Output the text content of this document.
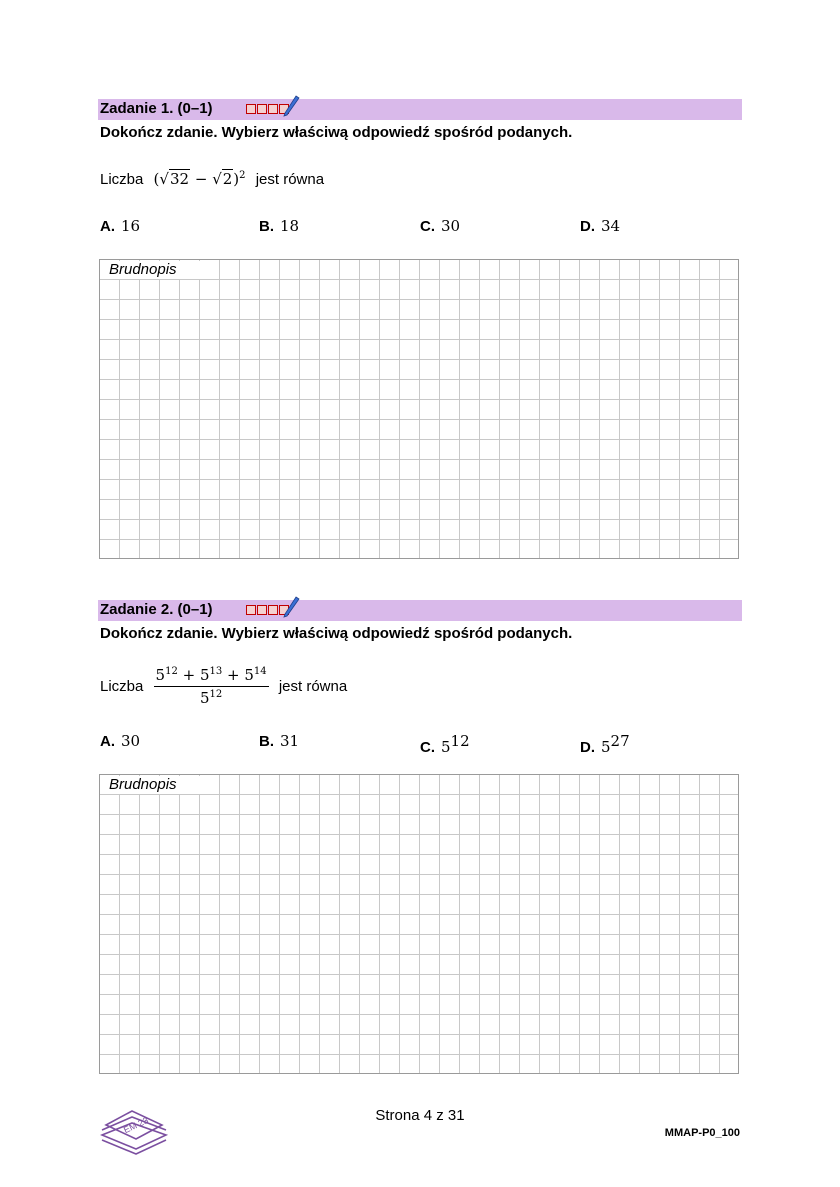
Zadanie 1. (0–1)
Dokończ zdanie. Wybierz właściwą odpowiedź spośród podanych.
Liczba $(√32 - √2)^2$ jest równa
A. 16	B. 18	C. 30	D. 34
Brudnopis
Zadanie 2. (0–1)
Dokończ zdanie. Wybierz właściwą odpowiedź spośród podanych.
Liczba $\frac{5^{12} + 5^{13} + 5^{14}}{5^{12}}$ jest równa
A. 30	B. 31	C. $5^{12}$	D. $5^{27}$
Brudnopis
EM 23	Strona 4 z 31
MMAP-P0_100
